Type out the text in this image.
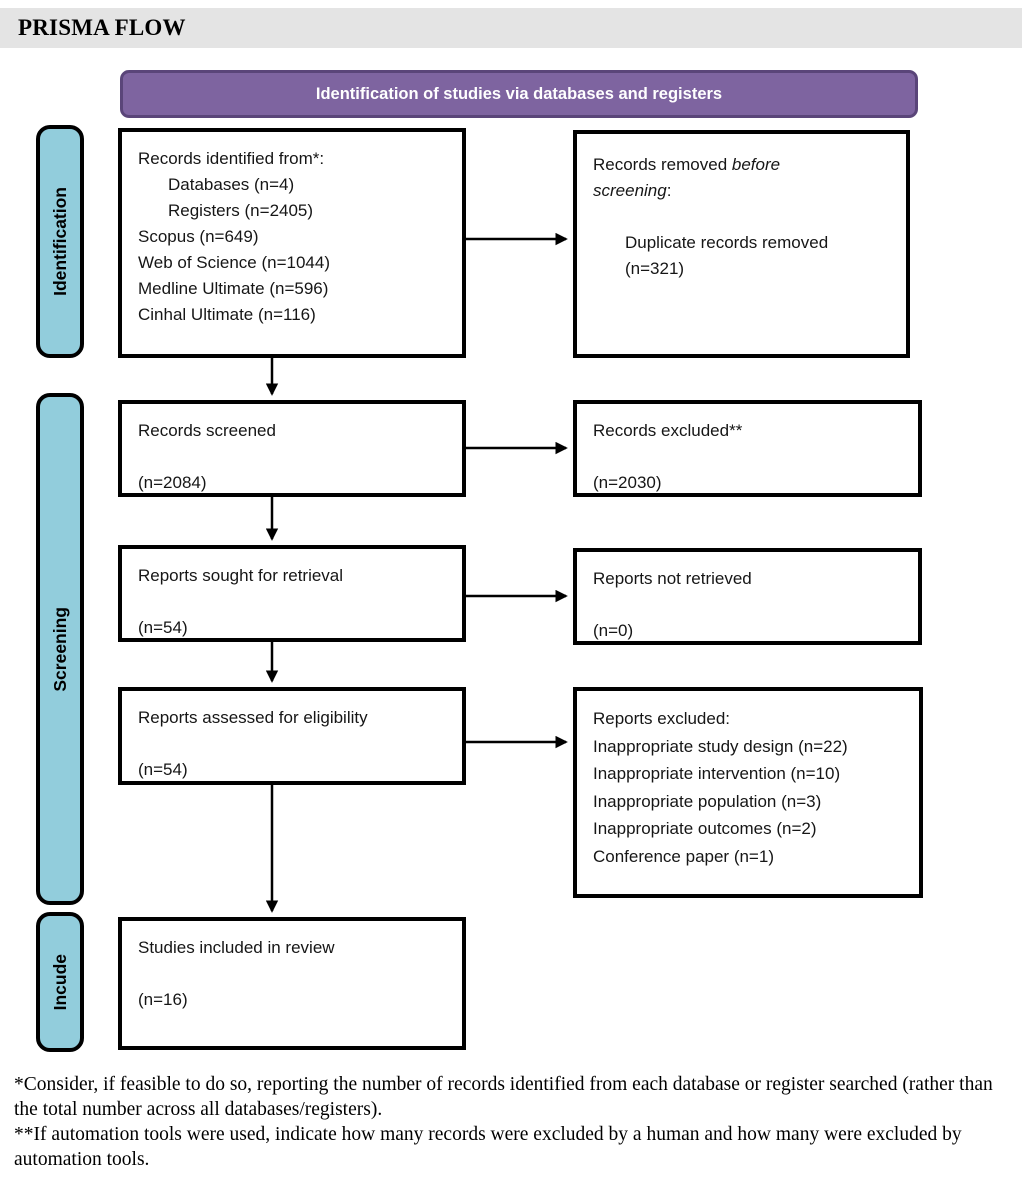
PRISMA FLOW
Identification of studies via databases and registers
Identification
Screening
Incude
Records identified from*:
Databases (n=4)
Registers (n=2405)
Scopus (n=649)
Web of Science (n=1044)
Medline Ultimate (n=596)
Cinhal Ultimate (n=116)

Records removed before screening:

Duplicate records removed (n=321)

Records screened
(n=2084)
Records excluded**
(n=2030)
Reports sought for retrieval
(n=54)
Reports not retrieved
(n=0)
Reports assessed for eligibility
(n=54)
Reports excluded:
Inappropriate study design (n=22)
Inappropriate intervention (n=10)
Inappropriate population (n=3)
Inappropriate outcomes (n=2)
Conference paper (n=1)
Studies included in review
(n=16)
*Consider, if feasible to do so, reporting the number of records identified from each database or register searched (rather than the total number across all databases/registers).
**If automation tools were used, indicate how many records were excluded by a human and how many were excluded by automation tools.
